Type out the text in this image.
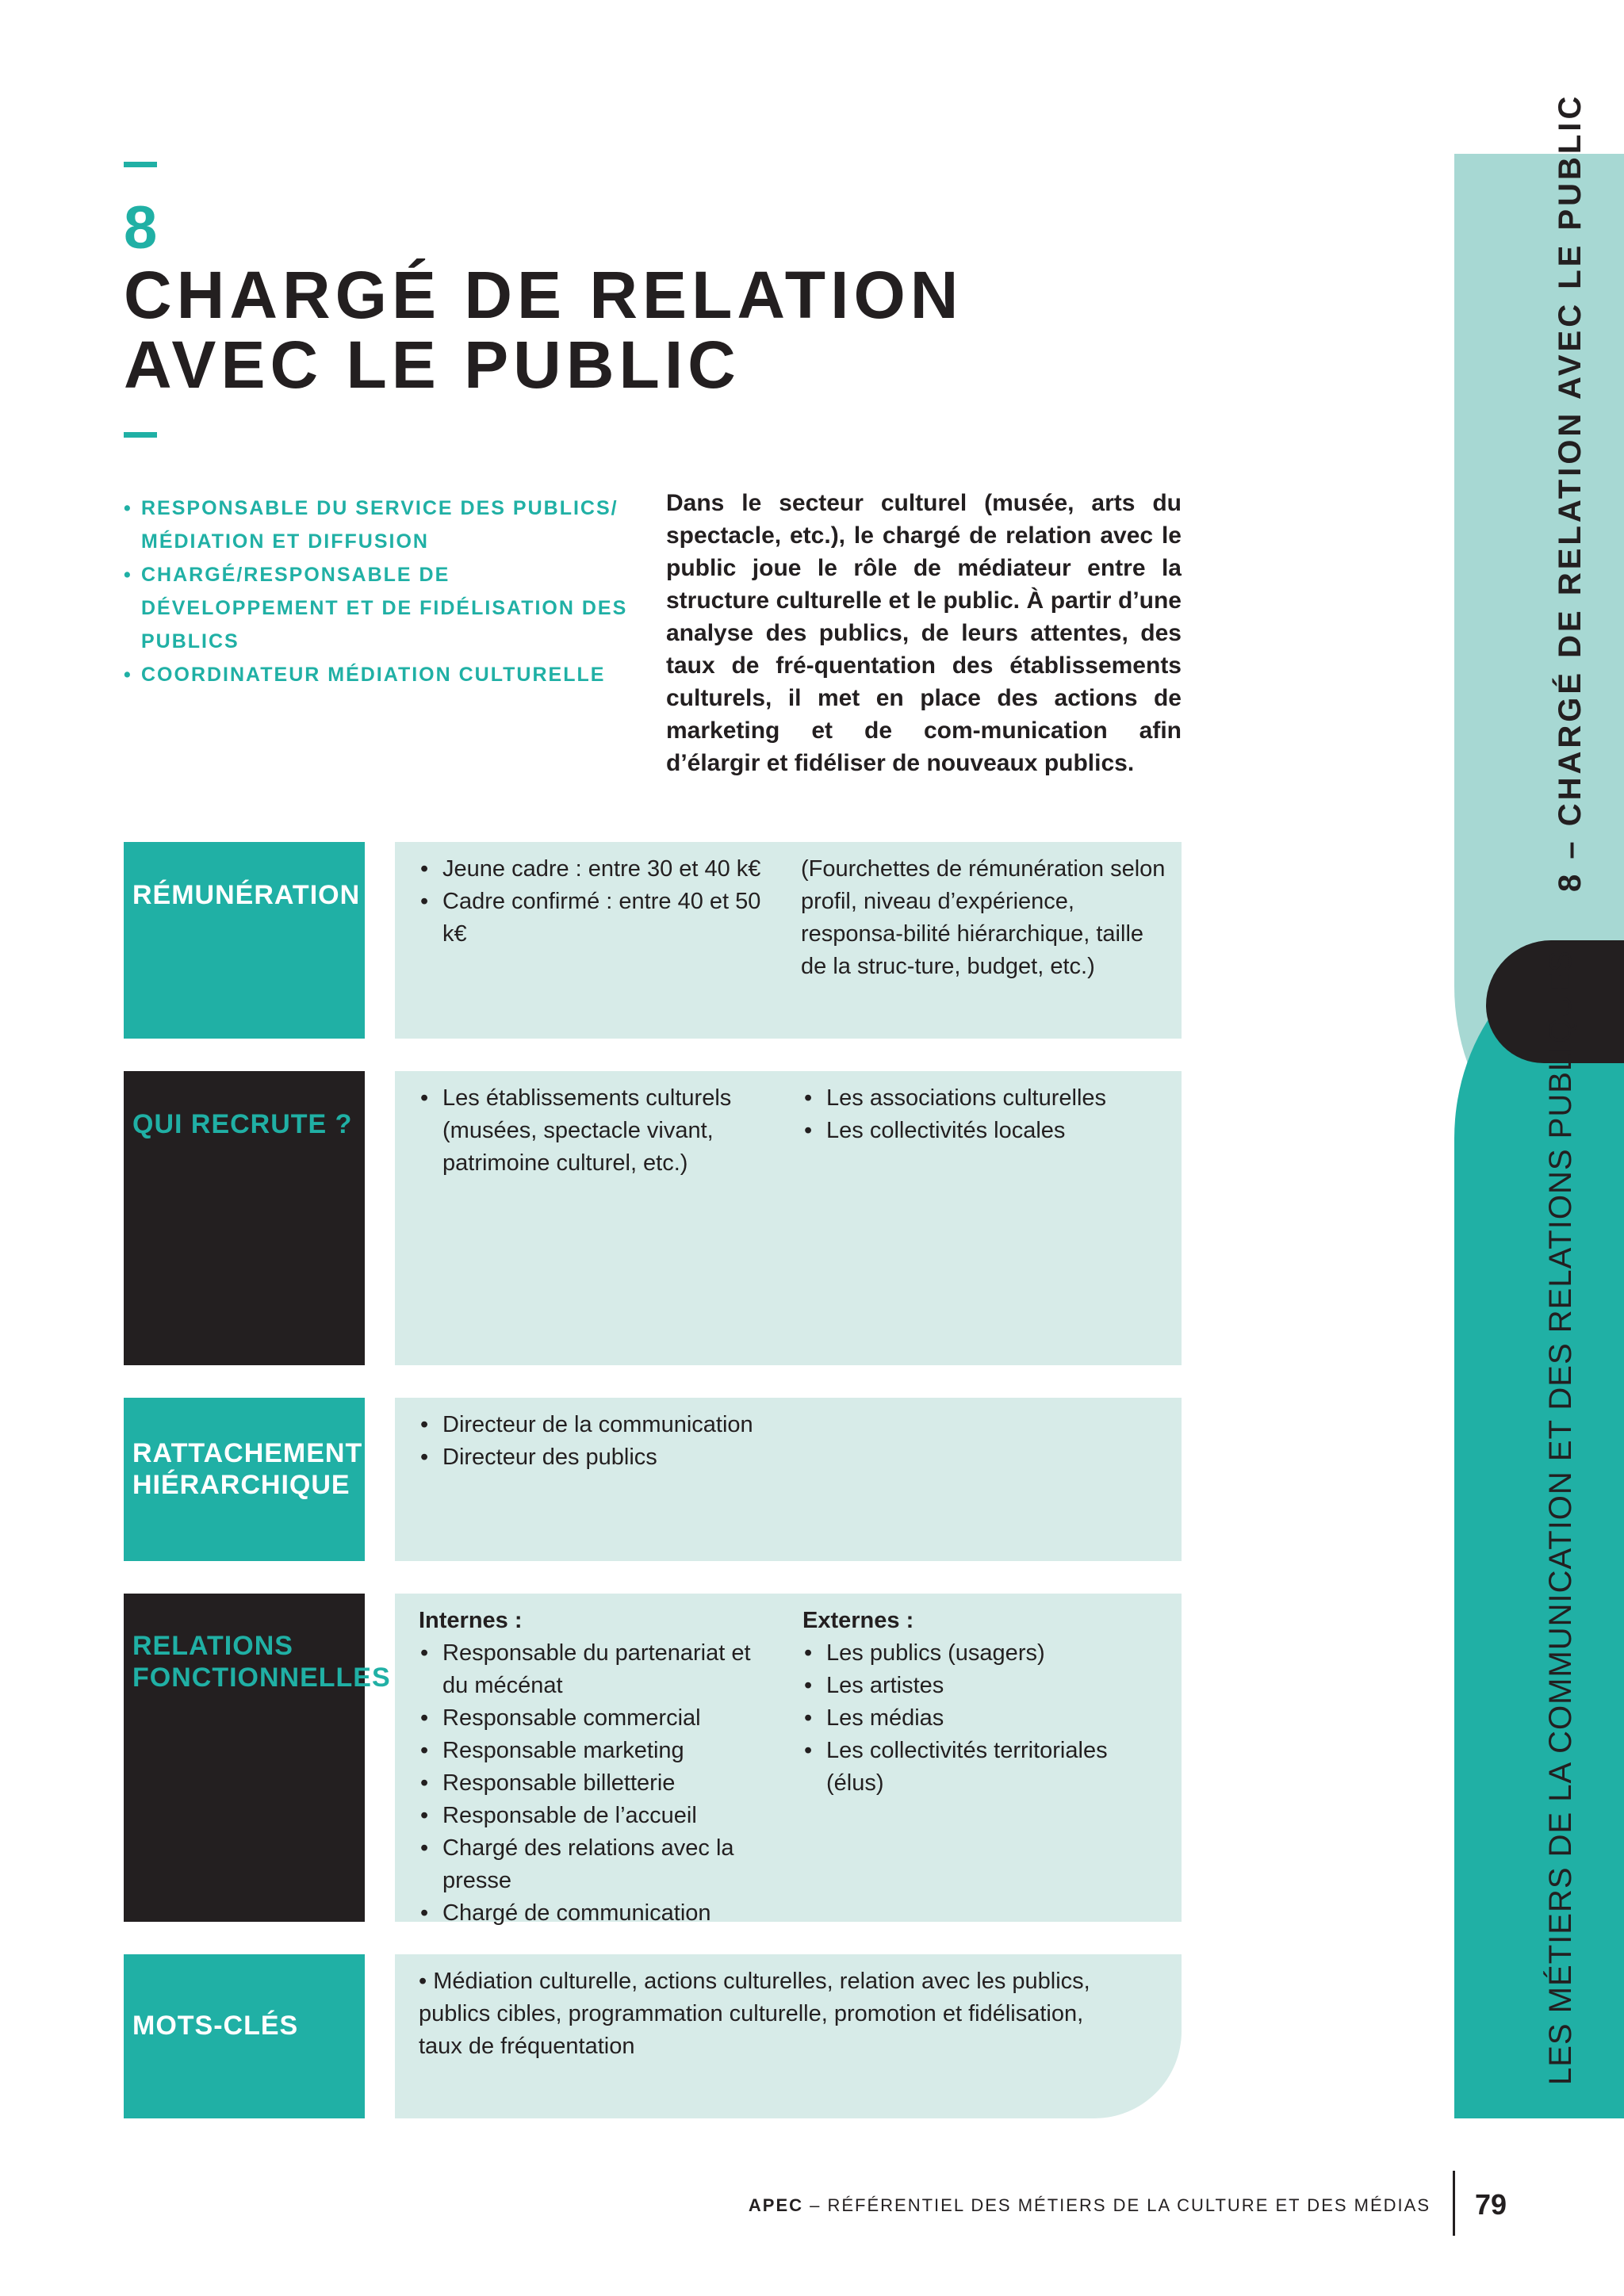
8
CHARGÉ DE RELATION
AVEC LE PUBLIC
• RESPONSABLE DU SERVICE DES PUBLICS/ MÉDIATION ET DIFFUSION
• CHARGÉ/RESPONSABLE DE DÉVELOPPEMENT ET DE FIDÉLISATION DES PUBLICS
• COORDINATEUR MÉDIATION CULTURELLE
Dans le secteur culturel (musée, arts du spectacle, etc.), le chargé de relation avec le public joue le rôle de médiateur entre la structure culturelle et le public. À partir d’une analyse des publics, de leurs attentes, des taux de fré-quentation des établissements culturels, il met en place des actions de marketing et de com-munication afin d’élargir et fidéliser de nouveaux publics.
RÉMUNÉRATION
• Jeune cadre : entre 30 et 40 k€
• Cadre confirmé : entre 40 et 50 k€
(Fourchettes de rémunération selon profil, niveau d’expérience, responsa-bilité hiérarchique, taille de la struc-ture, budget, etc.)
QUI RECRUTE ?
• Les établissements culturels (musées, spectacle vivant, patrimoine culturel, etc.)
• Les associations culturelles
• Les collectivités locales
RATTACHEMENT
HIÉRARCHIQUE
• Directeur de la communication
• Directeur des publics
RELATIONS
FONCTIONNELLES
Internes :
• Responsable du partenariat et du mécénat
• Responsable commercial
• Responsable marketing
• Responsable billetterie
• Responsable de l’accueil
• Chargé des relations avec la presse
• Chargé de communication
Externes :
• Les publics (usagers)
• Les artistes
• Les médias
• Les collectivités territoriales (élus)
MOTS-CLÉS
• Médiation culturelle, actions culturelles, relation avec les publics, publics cibles, programmation culturelle, promotion et fidélisation, taux de fréquentation
8 – CHARGÉ DE RELATION AVEC LE PUBLIC
LES MÉTIERS DE LA COMMUNICATION ET DES RELATIONS PUBLIQUES
APEC – RÉFÉRENTIEL DES MÉTIERS DE LA CULTURE ET DES MÉDIAS 79
